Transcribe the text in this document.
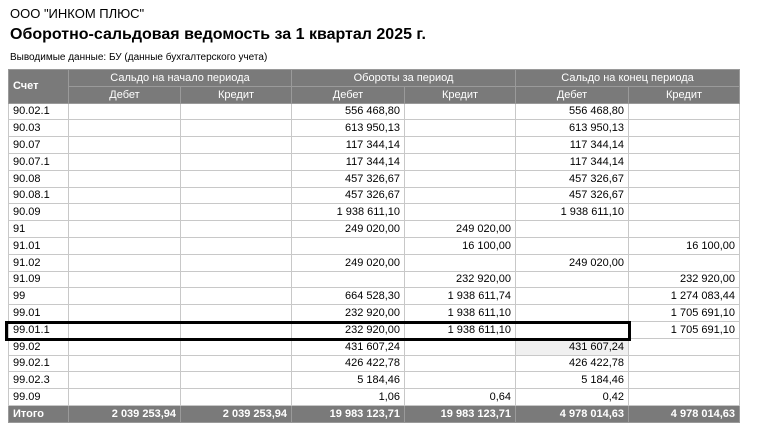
ООО "ИНКОМ ПЛЮС"
Оборотно-сальдовая ведомость за 1 квартал 2025 г.
Выводимые данные: БУ (данные бухгалтерского учета)
Счет	Сальдо на начало периода		Обороты за период		Сальдо на конец периода	
	Дебет	Кредит	Дебет	Кредит	Дебет	Кредит
90.02.1			556 468,80		556 468,80	
90.03			613 950,13		613 950,13	
90.07			117 344,14		117 344,14	
90.07.1			117 344,14		117 344,14	
90.08			457 326,67		457 326,67	
90.08.1			457 326,67		457 326,67	
90.09			1 938 611,10		1 938 611,10	
91			249 020,00	249 020,00		
91.01				16 100,00		16 100,00
91.02			249 020,00		249 020,00	
91.09				232 920,00		232 920,00
99			664 528,30	1 938 611,74		1 274 083,44
99.01			232 920,00	1 938 611,10		1 705 691,10
99.01.1			232 920,00	1 938 611,10		1 705 691,10
99.02			431 607,24		431 607,24	
99.02.1			426 422,78		426 422,78	
99.02.3			5 184,46		5 184,46	
99.09			1,06	0,64	0,42	
Итого	2 039 253,94	2 039 253,94	19 983 123,71	19 983 123,71	4 978 014,63	4 978 014,63
